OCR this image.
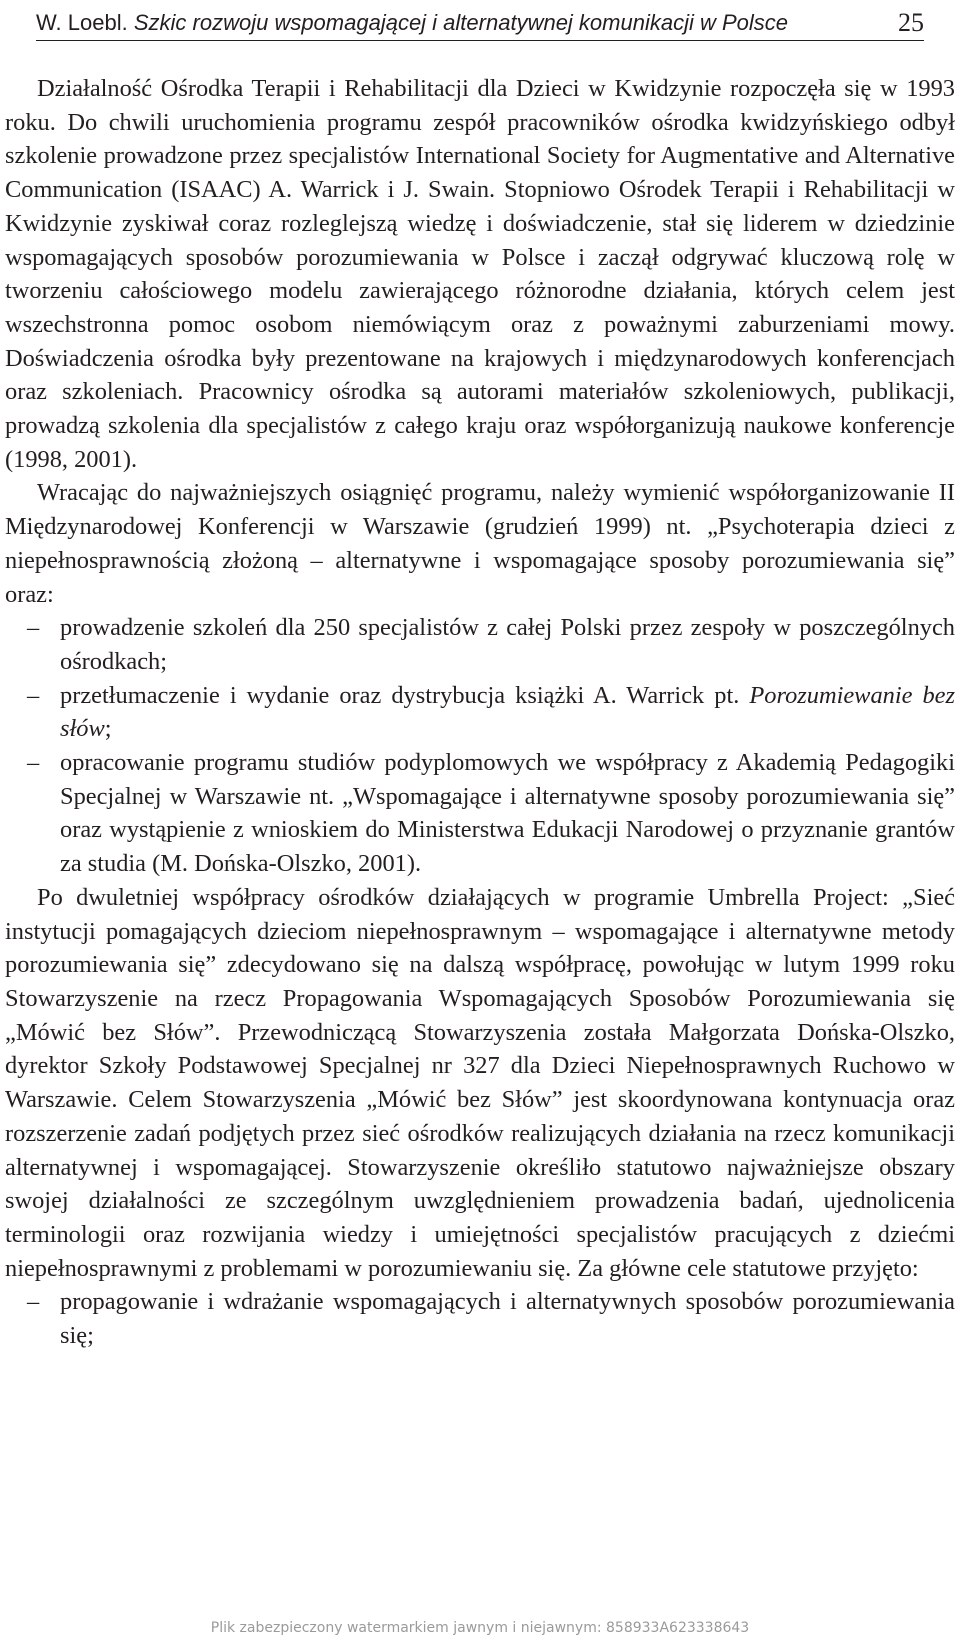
W. Loebl. Szkic rozwoju wspomagającej i alternatywnej komunikacji w Polsce	25

Działalność Ośrodka Terapii i Rehabilitacji dla Dzieci w Kwidzynie rozpoczęła się w 1993 roku. Do chwili uruchomienia programu zespół pracowników ośrodka kwidzyńskiego odbył szkolenie prowadzone przez specjalistów International Society for Augmentative and Alternative Communication (ISAAC) A. Warrick i J. Swain. Stopniowo Ośrodek Terapii i Rehabilitacji w Kwidzynie zyskiwał coraz rozleglejszą wiedzę i doświadczenie, stał się liderem w dziedzinie wspomagających sposobów porozumiewania w Polsce i zaczął odgrywać kluczową rolę w tworzeniu całościowego modelu zawierającego różnorodne działania, których celem jest wszechstronna pomoc osobom niemówiącym oraz z poważnymi zaburzeniami mowy. Doświadczenia ośrodka były prezentowane na krajowych i międzynarodowych konferencjach oraz szkoleniach. Pracownicy ośrodka są autorami materiałów szkoleniowych, publikacji, prowadzą szkolenia dla specjalistów z całego kraju oraz współorganizują naukowe konferencje (1998, 2001).

Wracając do najważniejszych osiągnięć programu, należy wymienić współorganizowanie II Międzynarodowej Konferencji w Warszawie (grudzień 1999) nt. „Psychoterapia dzieci z niepełnosprawnością złożoną – alternatywne i wspomagające sposoby porozumiewania się” oraz:

– prowadzenie szkoleń dla 250 specjalistów z całej Polski przez zespoły w poszczególnych ośrodkach;
– przetłumaczenie i wydanie oraz dystrybucja książki A. Warrick pt. Porozumiewanie bez słów;
– opracowanie programu studiów podyplomowych we współpracy z Akademią Pedagogiki Specjalnej w Warszawie nt. „Wspomagające i alternatywne sposoby porozumiewania się” oraz wystąpienie z wnioskiem do Ministerstwa Edukacji Narodowej o przyznanie grantów za studia (M. Dońska-Olszko, 2001).

Po dwuletniej współpracy ośrodków działających w programie Umbrella Project: „Sieć instytucji pomagających dzieciom niepełnosprawnym – wspomagające i alternatywne metody porozumiewania się” zdecydowano się na dalszą współpracę, powołując w lutym 1999 roku Stowarzyszenie na rzecz Propagowania Wspomagających Sposobów Porozumiewania się „Mówić bez Słów”. Przewodniczącą Stowarzyszenia została Małgorzata Dońska-Olszko, dyrektor Szkoły Podstawowej Specjalnej nr 327 dla Dzieci Niepełnosprawnych Ruchowo w Warszawie. Celem Stowarzyszenia „Mówić bez Słów” jest skoordynowana kontynuacja oraz rozszerzenie zadań podjętych przez sieć ośrodków realizujących działania na rzecz komunikacji alternatywnej i wspomagającej. Stowarzyszenie określiło statutowo najważniejsze obszary swojej działalności ze szczególnym uwzględnieniem prowadzenia badań, ujednolicenia terminologii oraz rozwijania wiedzy i umiejętności specjalistów pracujących z dziećmi niepełnosprawnymi z problemami w porozumiewaniu się. Za główne cele statutowe przyjęto:

– propagowanie i wdrażanie wspomagających i alternatywnych sposobów porozumiewania się;
Plik zabezpieczony watermarkiem jawnym i niejawnym: 858933A623338643
